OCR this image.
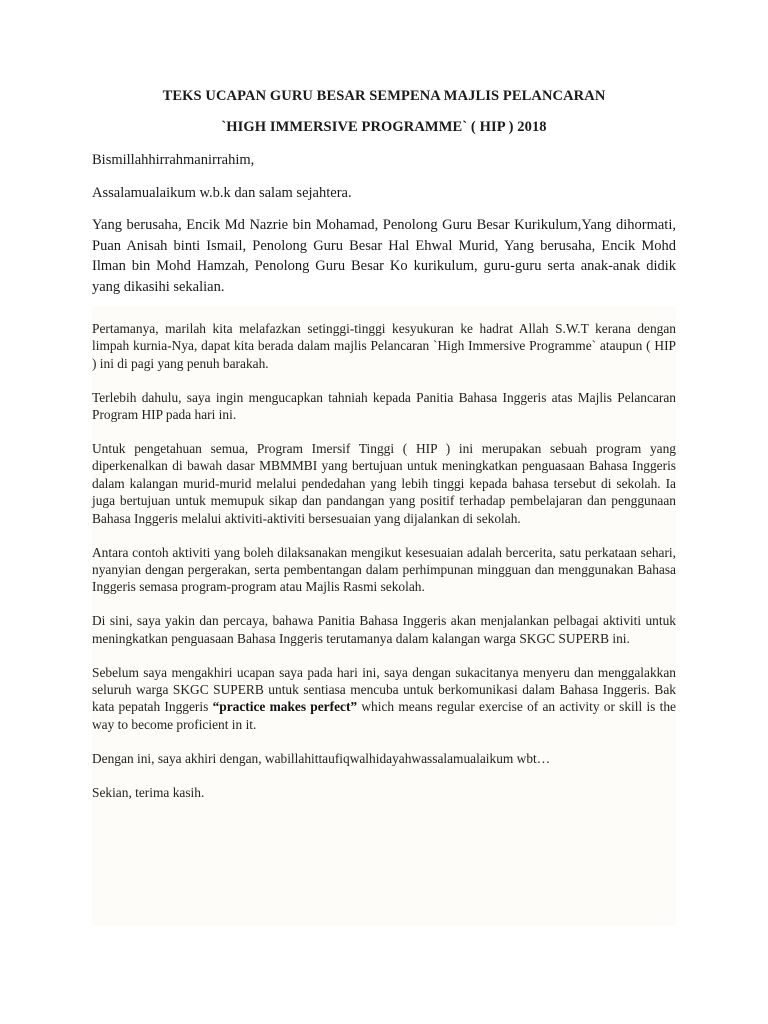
TEKS UCAPAN GURU BESAR SEMPENA MAJLIS PELANCARAN

`HIGH IMMERSIVE PROGRAMME` ( HIP ) 2018

Bismillahhirrahmanirrahim,

Assalamualaikum w.b.k dan salam sejahtera.

Yang berusaha, Encik Md Nazrie bin Mohamad, Penolong Guru Besar Kurikulum,Yang dihormati, Puan Anisah binti Ismail, Penolong Guru Besar Hal Ehwal Murid, Yang berusaha, Encik Mohd Ilman bin Mohd Hamzah, Penolong Guru Besar Ko kurikulum, guru-guru serta anak-anak didik yang dikasihi sekalian.

Pertamanya, marilah kita melafazkan setinggi-tinggi kesyukuran ke hadrat Allah S.W.T kerana dengan limpah kurnia-Nya, dapat kita berada dalam majlis Pelancaran `High Immersive Programme` ataupun ( HIP ) ini di pagi yang penuh barakah.

Terlebih dahulu, saya ingin mengucapkan tahniah kepada Panitia Bahasa Inggeris atas Majlis Pelancaran Program HIP pada hari ini.

Untuk pengetahuan semua, Program Imersif Tinggi ( HIP ) ini merupakan sebuah program yang diperkenalkan di bawah dasar MBMMBI yang bertujuan untuk meningkatkan penguasaan Bahasa Inggeris dalam kalangan murid-murid melalui pendedahan yang lebih tinggi kepada bahasa tersebut di sekolah. Ia juga bertujuan untuk memupuk sikap dan pandangan yang positif terhadap pembelajaran dan penggunaan Bahasa Inggeris melalui aktiviti-aktiviti bersesuaian yang dijalankan di sekolah.

Antara contoh aktiviti yang boleh dilaksanakan mengikut kesesuaian adalah bercerita, satu perkataan sehari, nyanyian dengan pergerakan, serta pembentangan dalam perhimpunan mingguan dan menggunakan Bahasa Inggeris semasa program-program atau Majlis Rasmi sekolah.

Di sini, saya yakin dan percaya, bahawa Panitia Bahasa Inggeris akan menjalankan pelbagai aktiviti untuk meningkatkan penguasaan Bahasa Inggeris terutamanya dalam kalangan warga SKGC SUPERB ini.

Sebelum saya mengakhiri ucapan saya pada hari ini, saya dengan sukacitanya menyeru dan menggalakkan seluruh warga SKGC SUPERB untuk sentiasa mencuba untuk berkomunikasi dalam Bahasa Inggeris. Bak kata pepatah Inggeris “practice makes perfect” which means regular exercise of an activity or skill is the way to become proficient in it.

Dengan ini, saya akhiri dengan, wabillahittaufiqwalhidayahwassalamualaikum wbt…

Sekian, terima kasih.
